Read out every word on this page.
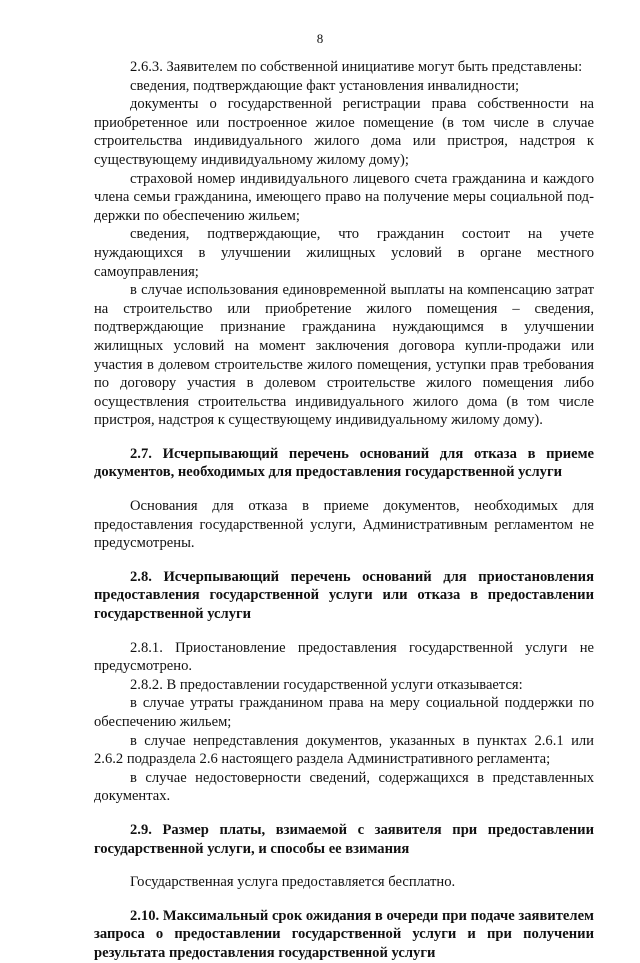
8

2.6.3. Заявителем по собственной инициативе могут быть представлены:

сведения, подтверждающие факт установления инвалидности;

документы о государственной регистрации права собственности на приобретенное или построенное жилое помещение (в том числе в случае строительства индивидуального жилого дома или пристроя, надстроя к существующему индивидуальному жилому дому);

страховой номер индивидуального лицевого счета гражданина и каждого члена семьи гражданина, имеющего право на получение меры социальной поддержки по обеспечению жильем;

сведения, подтверждающие, что гражданин состоит на учете нуждающихся в улучшении жилищных условий в органе местного самоуправления;

в случае использования единовременной выплаты на компенсацию затрат на строительство или приобретение жилого помещения – сведения, подтверждающие признание гражданина нуждающимся в улучшении жилищных условий на момент заключения договора купли-продажи или участия в долевом строительстве жилого помещения, уступки прав требования по договору участия в долевом строительстве жилого помещения либо осуществления строительства индивидуального жилого дома (в том числе пристроя, надстроя к существующему индивидуальному жилому дому).

2.7. Исчерпывающий перечень оснований для отказа в приеме документов, необходимых для предоставления государственной услуги

Основания для отказа в приеме документов, необходимых для предоставления государственной услуги, Административным регламентом не предусмотрены.

2.8. Исчерпывающий перечень оснований для приостановления предоставления государственной услуги или отказа в предоставлении государственной услуги

2.8.1. Приостановление предоставления государственной услуги не предусмотрено.

2.8.2. В предоставлении государственной услуги отказывается:

в случае утраты гражданином права на меру социальной поддержки по обеспечению жильем;

в случае непредставления документов, указанных в пунктах 2.6.1 или 2.6.2 подраздела 2.6 настоящего раздела Административного регламента;

в случае недостоверности сведений, содержащихся в представленных документах.

2.9. Размер платы, взимаемой с заявителя при предоставлении государственной услуги, и способы ее взимания

Государственная услуга предоставляется бесплатно.

2.10. Максимальный срок ожидания в очереди при подаче заявителем запроса о предоставлении государственной услуги и при получении результата предоставления государственной услуги
